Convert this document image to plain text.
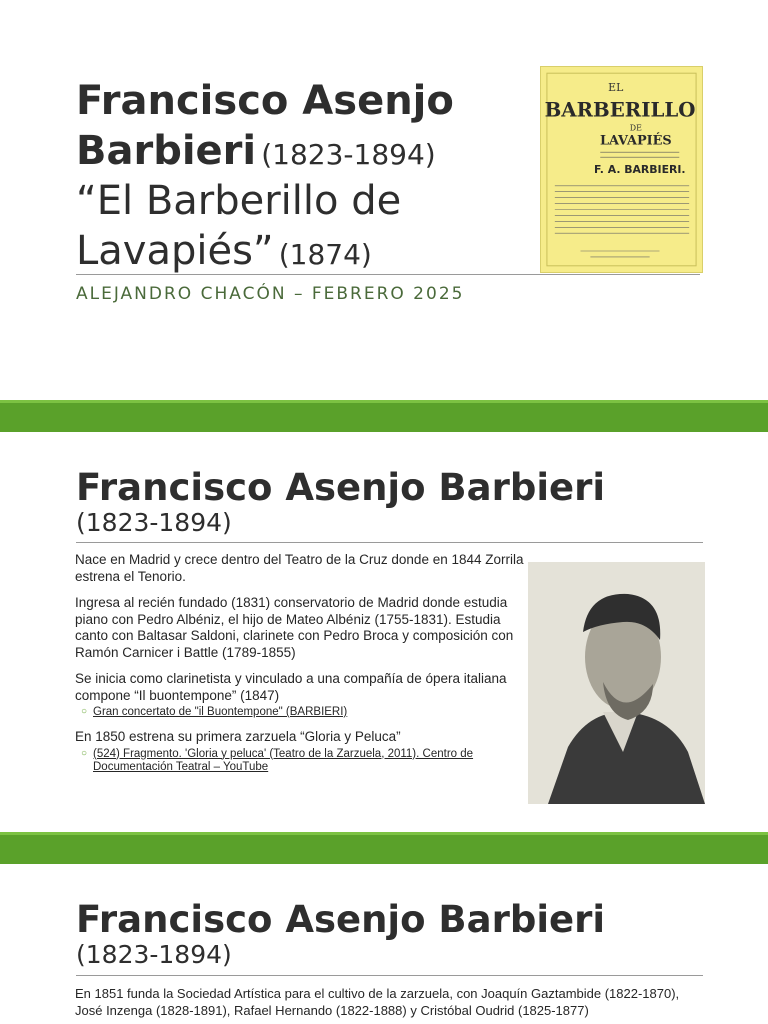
Francisco Asenjo
Barbieri (1823-1894)
“El Barberillo de
Lavapiés” (1874)
ALEJANDRO CHACÓN – FEBRERO 2025
EL
BARBERILLO
DE
LAVAPIÉS
F. A. BARBIERI.
Francisco Asenjo Barbieri
(1823-1894)

Nace en Madrid y crece dentro del Teatro de la Cruz donde en 1844 Zorrila estrena el Tenorio.

Ingresa al recién fundado (1831) conservatorio de Madrid donde estudia piano con Pedro Albéniz, el hijo de Mateo Albéniz (1755-1831). Estudia canto con Baltasar Saldoni, clarinete con Pedro Broca y composición con Ramón Carnicer i Battle (1789-1855)

Se inicia como clarinetista y vinculado a una compañía de ópera italiana compone “Il buontempone” (1847)

○ Gran concertato de "il Buontempone" (BARBIERI)

En 1850 estrena su primera zarzuela “Gloria y Peluca”

○ (524) Fragmento. 'Gloria y peluca' (Teatro de la Zarzuela, 2011). Centro de Documentación Teatral – YouTube
Francisco Asenjo Barbieri
(1823-1894)
En 1851 funda la Sociedad Artística para el cultivo de la zarzuela, con Joaquín Gaztambide (1822-1870), José Inzenga (1828-1891), Rafael Hernando (1822-1888) y Cristóbal Oudrid (1825-1877)
